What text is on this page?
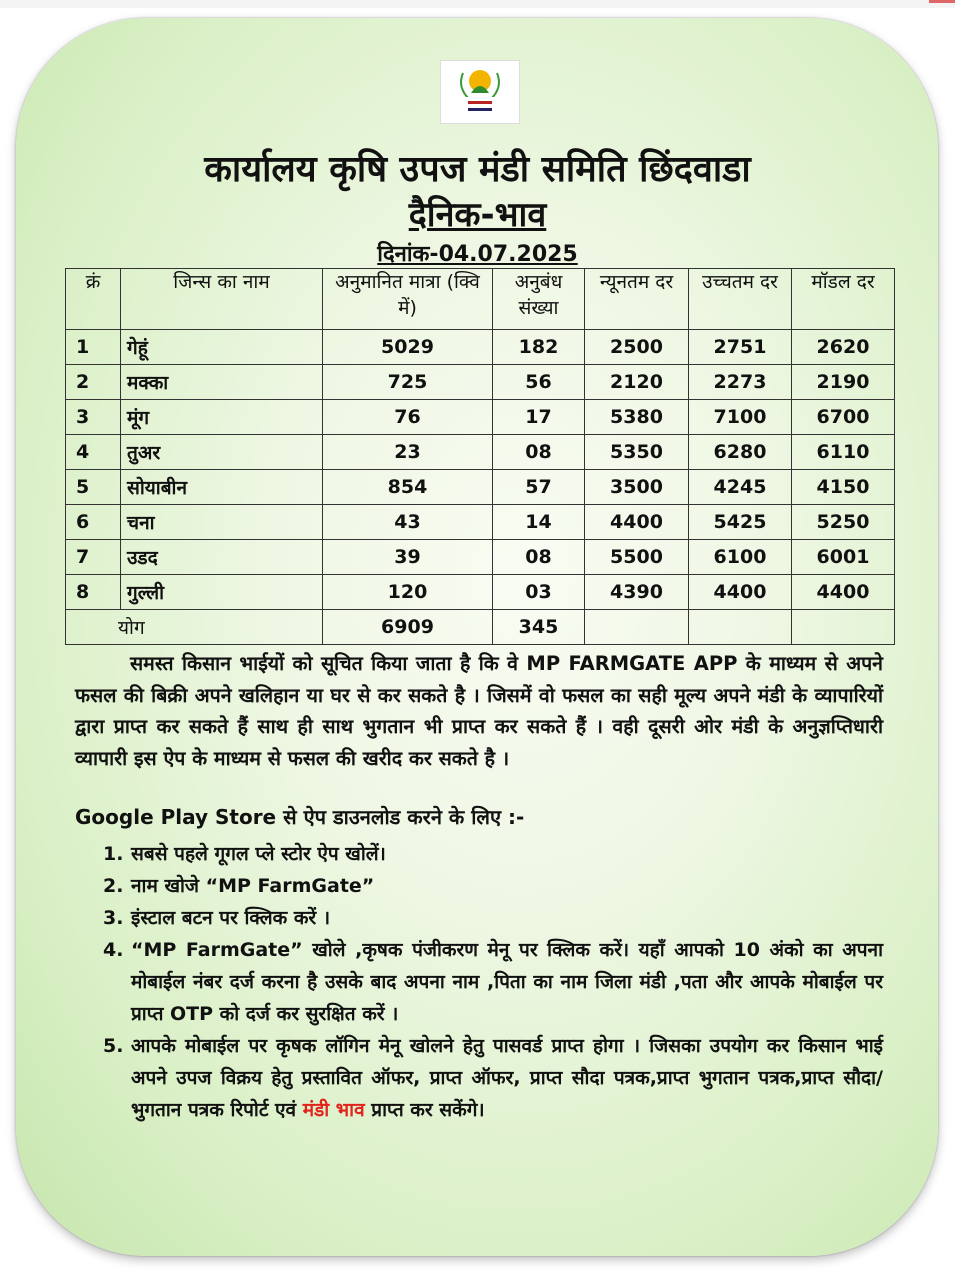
कार्यालय कृषि उपज मंडी समिति छिंदवाडा
दैनिक-भाव
दिनांक-04.07.2025
क्रं	जिन्स का नाम	अनुमानित मात्रा (क्वि में)	अनुबंध संख्या	न्यूनतम दर	उच्चतम दर	मॉडल दर
1	गेहूं	5029	182	2500	2751	2620
2	मक्का	725	56	2120	2273	2190
3	मूंग	76	17	5380	7100	6700
4	तुअर	23	08	5350	6280	6110
5	सोयाबीन	854	57	3500	4245	4150
6	चना	43	14	4400	5425	5250
7	उडद	39	08	5500	6100	6001
8	गुल्ली	120	03	4390	4400	4400
योग		6909	345			
समस्त किसान भाईयों को सूचित किया जाता है कि वे MP FARMGATE APP के माध्यम से अपने फसल की बिक्री अपने खलिहान या घर से कर सकते है । जिसमें वो फसल का सही मूल्य अपने मंडी के व्यापारियों द्वारा प्राप्त कर सकते हैं साथ ही साथ भुगतान भी प्राप्त कर सकते हैं । वही दूसरी ओर मंडी के अनुज्ञप्तिधारी व्यापारी इस ऐप के माध्यम से फसल की खरीद कर सकते है ।
Google Play Store से ऐप डाउनलोड करने के लिए :-
1. सबसे पहले गूगल प्ले स्टोर ऐप खोलें।
2. नाम खोजे “MP FarmGate”
3. इंस्टाल बटन पर क्लिक करें ।
4. “MP FarmGate” खोले ,कृषक पंजीकरण मेनू पर क्लिक करें। यहाँ आपको 10 अंको का अपना मोबाईल नंबर दर्ज करना है उसके बाद अपना नाम ,पिता का नाम जिला मंडी ,पता और आपके मोबाईल पर प्राप्त OTP को दर्ज कर सुरक्षित करें ।
5. आपके मोबाईल पर कृषक लॉगिन मेनू खोलने हेतु पासवर्ड प्राप्त होगा । जिसका उपयोग कर किसान भाई अपने उपज विक्रय हेतु प्रस्तावित ऑफर, प्राप्त ऑफर, प्राप्त सौदा पत्रक,प्राप्त भुगतान पत्रक,प्राप्त सौदा/भुगतान पत्रक रिपोर्ट एवं मंडी भाव प्राप्त कर सकेंगे।
